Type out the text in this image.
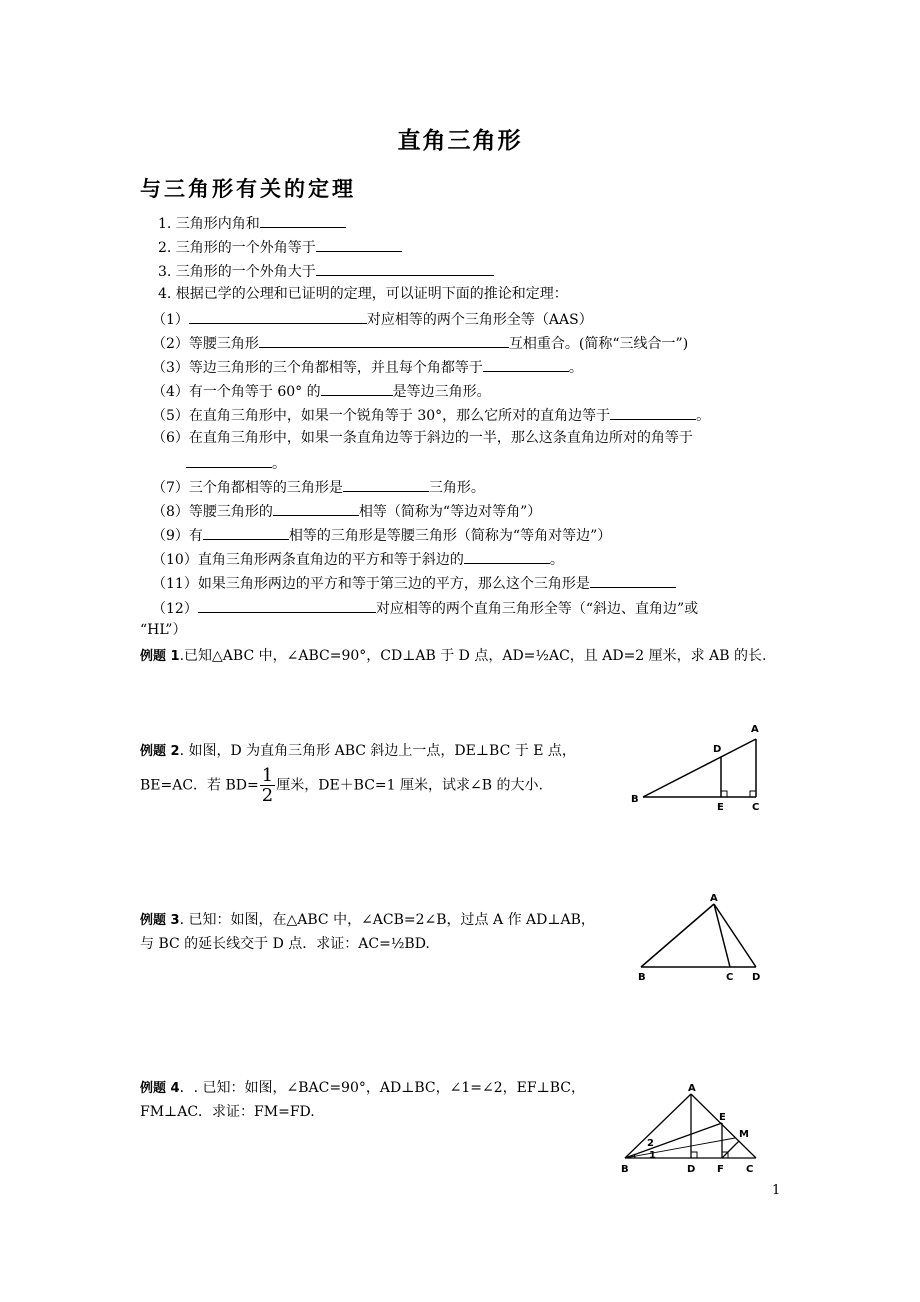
直角三角形
与三角形有关的定理
1. 三角形内角和
2. 三角形的一个外角等于
3. 三角形的一个外角大于
4. 根据已学的公理和已证明的定理，可以证明下面的推论和定理：
（1）	对应相等的两个三角形全等（AAS）
（2）等腰三角形	互相重合。(简称“三线合一”)
（3）等边三角形的三个角都相等，并且每个角都等于	。
（4）有一个角等于 60° 的	是等边三角形。
（5）在直角三角形中，如果一个锐角等于 30°，那么它所对的直角边等于	。
（6）在直角三角形中，如果一条直角边等于斜边的一半，那么这条直角边所对的角等于
。
（7）三个角都相等的三角形是	三角形。
（8）等腰三角形的	相等（简称为“等边对等角”）
（9）有	相等的三角形是等腰三角形（简称为“等角对等边”）
（10）直角三角形两条直角边的平方和等于斜边的	。
（11）如果三角形两边的平方和等于第三边的平方，那么这个三角形是
（12）	对应相等的两个直角三角形全等（“斜边、直角边”或
“HL”）
例题 1.已知△ABC 中，∠ABC=90°，CD⊥AB 于 D 点，AD=½AC，且 AD=2 厘米，求 AB 的长.
例题 2. 如图，D 为直角三角形 ABC 斜边上一点，DE⊥BC 于 E 点，
BE=AC．若 $BD= \frac{1}{2}$ 厘米，DE＋BC=1 厘米，试求∠B 的大小.
A
D
B
E	C
例题 3. 已知：如图，在△ABC 中，∠ACB=2∠B，过点 A 作 AD⊥AB，
与 BC 的延长线交于 D 点．求证：AC=½BD.
A
B	C D
例题 4．. 已知：如图，∠BAC=90°，AD⊥BC，∠1=∠2，EF⊥BC，
FM⊥AC．求证：FM=FD.
A
E
M
2
1
B	D F C
1
